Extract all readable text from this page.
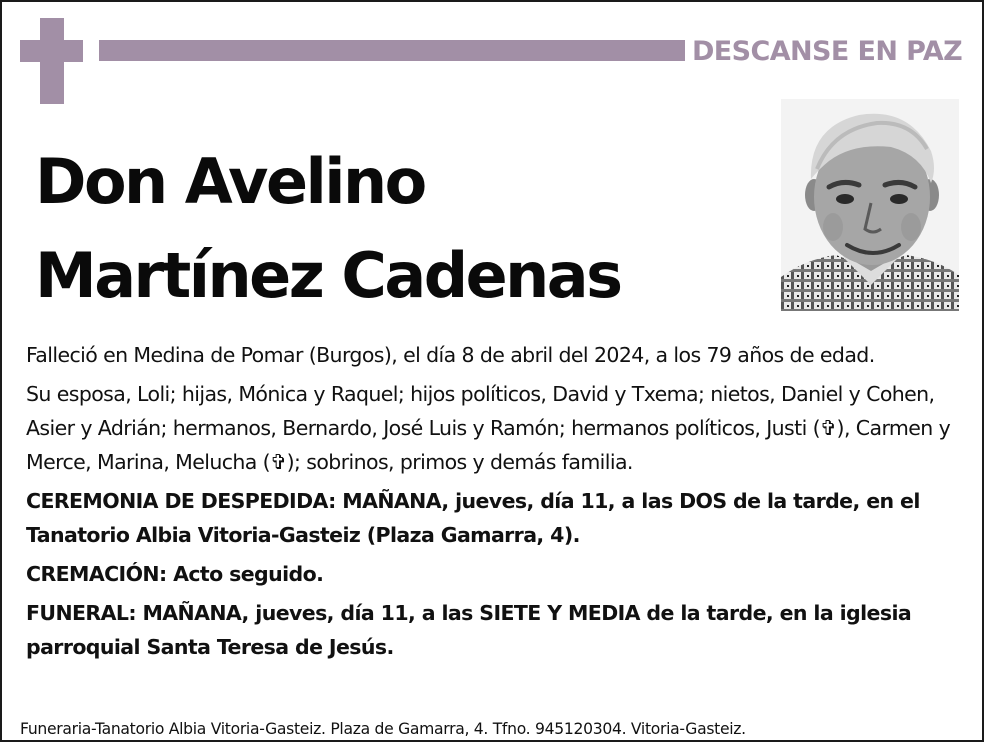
DESCANSE EN PAZ
Don Avelino
Martínez Cadenas

Falleció en Medina de Pomar (Burgos), el día 8 de abril del 2024, a los 79 años de edad.

Su esposa, Loli; hijas, Mónica y Raquel; hijos políticos, David y Txema; nietos, Daniel y Cohen, Asier y Adrián; hermanos, Bernardo, José Luis y Ramón; hermanos políticos, Justi (✞), Carmen y Merce, Marina, Melucha (✞); sobrinos, primos y demás familia.

CEREMONIA DE DESPEDIDA: MAÑANA, jueves, día 11, a las DOS de la tarde, en el Tanatorio Albia Vitoria-Gasteiz (Plaza Gamarra, 4).

CREMACIÓN: Acto seguido.

FUNERAL: MAÑANA, jueves, día 11, a las SIETE Y MEDIA de la tarde, en la iglesia parroquial Santa Teresa de Jesús.

Funeraria-Tanatorio Albia Vitoria-Gasteiz. Plaza de Gamarra, 4. Tfno. 945120304. Vitoria-Gasteiz.
